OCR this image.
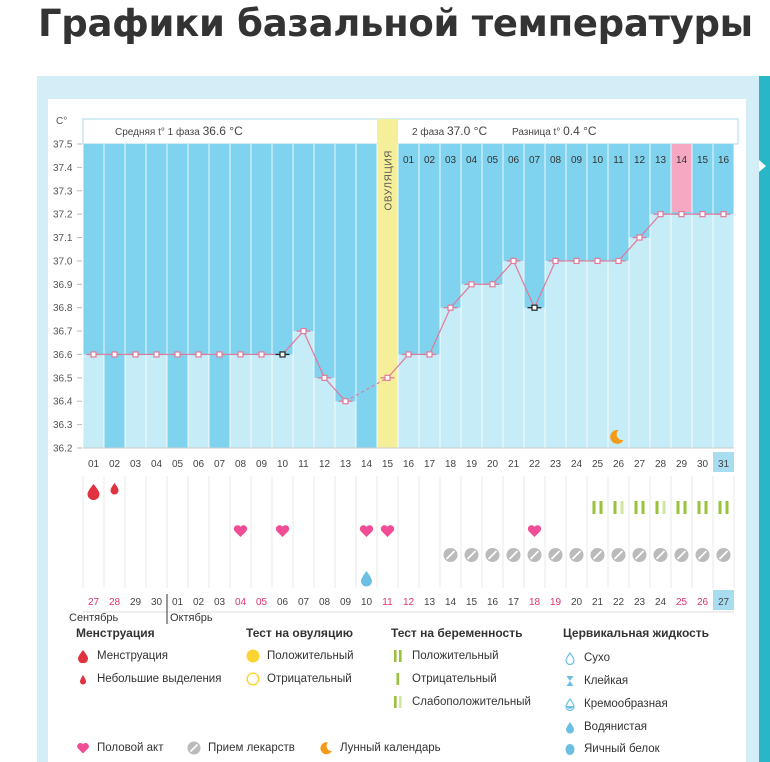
Графики базальной температуры
C°
Средняя t° 1 фаза 36.6 °C	2 фаза 37.0 °C Разница t° 0.4 °C
ОВУЛЯЦИЯ 01 02 03 04 05 06 07 08 09 10 11 12 13 14 15 16
01 02 03 04 05 06 07 08 09 10 11 12 13 14 15 16 17 18 19 20 21 22 23 24 25 26 27 28 29 30 31
36.2
36.3
36.4
36.5
36.6
36.7
36.8
36.9
37.0
37.1
37.2
37.3
37.4
37.5
27 28 29 30 01 02 03 04 05 06 07 08 09 10 11 12 13 14 15 16 17 18 19 20 21 22 23 24 25 26 27
Сентябрь	Октябрь
Менструация
Менструация
Небольшие выделения
Тест на овуляцию
Положительный
Отрицательный
Тест на беременность
Положительный
Отрицательный
Слабоположительный
Цервикальная жидкость
Сухо
Клейкая
Кремообразная
Водянистая
Яичный белок
Половой акт	Прием лекарств	Лунный календарь
